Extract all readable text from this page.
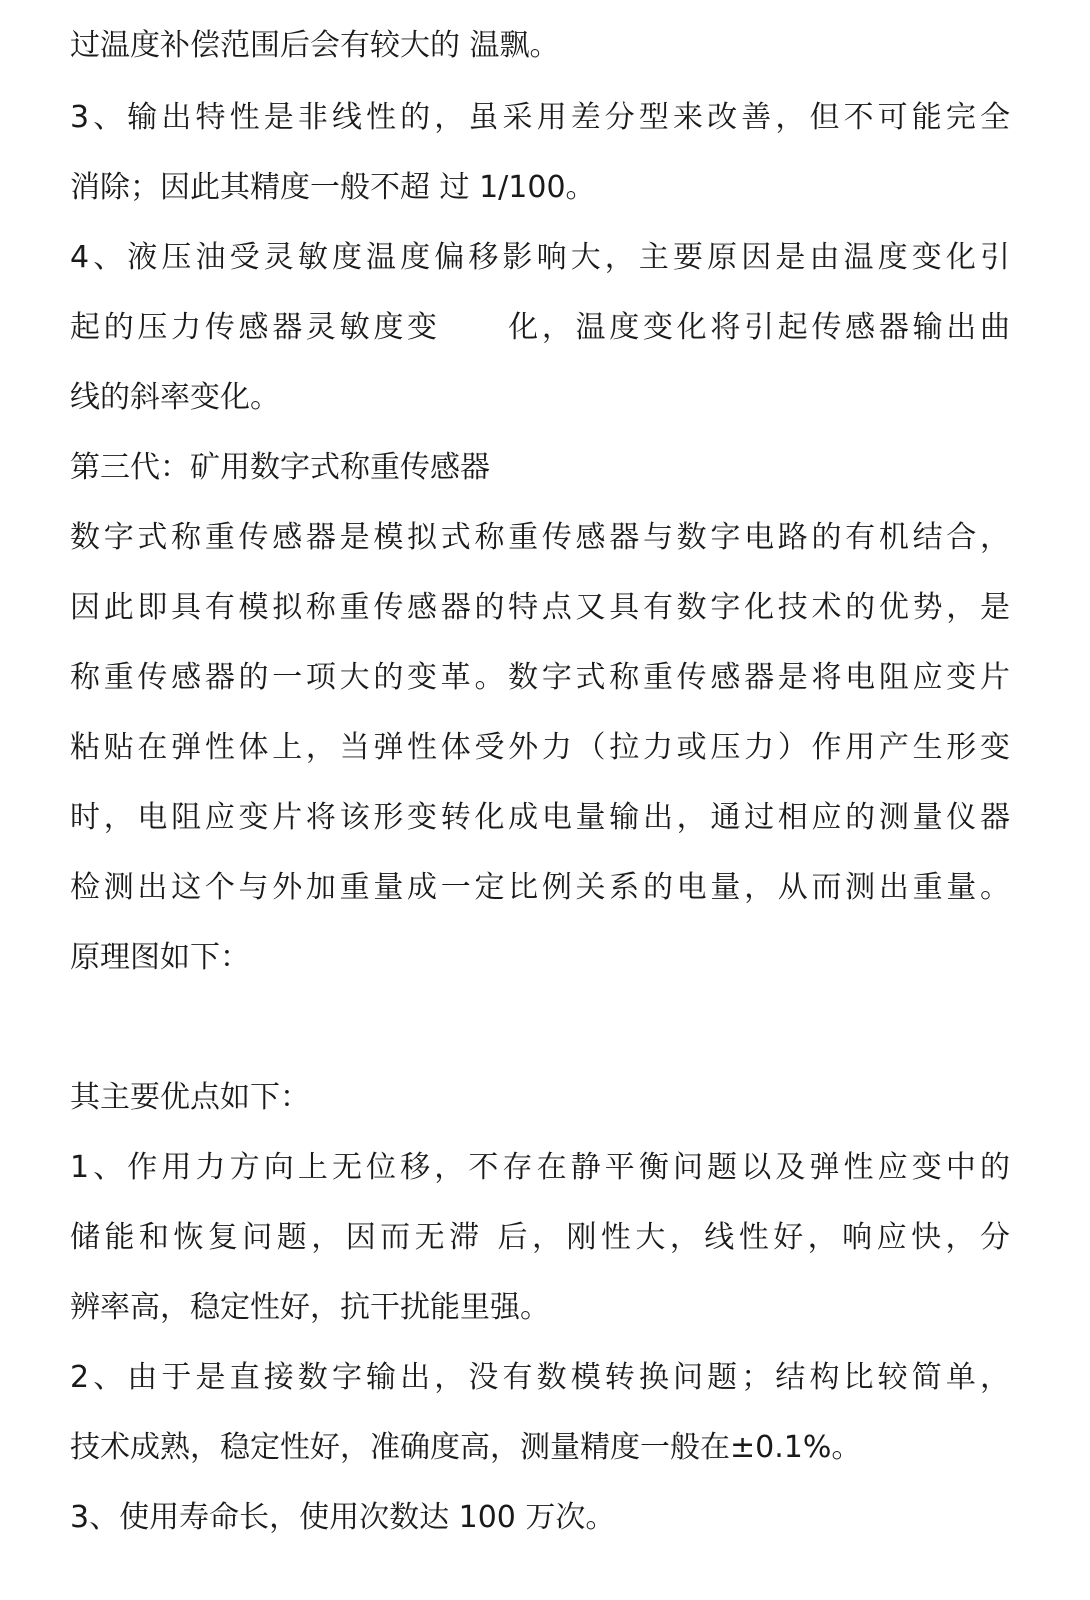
过温度补偿范围后会有较大的 温飘。
3、输出特性是非线性的，虽采用差分型来改善，但不可能完全
消除；因此其精度一般不超 过 1/100。
4、液压油受灵敏度温度偏移影响大，主要原因是由温度变化引
起的压力传感器灵敏度变　　化，温度变化将引起传感器输出曲
线的斜率变化。
第三代：矿用数字式称重传感器
数字式称重传感器是模拟式称重传感器与数字电路的有机结合，
因此即具有模拟称重传感器的特点又具有数字化技术的优势，是
称重传感器的一项大的变革。数字式称重传感器是将电阻应变片
粘贴在弹性体上，当弹性体受外力（拉力或压力）作用产生形变
时，电阻应变片将该形变转化成电量输出，通过相应的测量仪器
检测出这个与外加重量成一定比例关系的电量，从而测出重量。
原理图如下：
其主要优点如下：
1、作用力方向上无位移，不存在静平衡问题以及弹性应变中的
储能和恢复问题，因而无滞 后，刚性大，线性好，响应快，分
辨率高，稳定性好，抗干扰能里强。
2、由于是直接数字输出，没有数模转换问题；结构比较简单，
技术成熟，稳定性好，准确度高，测量精度一般在±0.1%。
3、使用寿命长，使用次数达 100 万次。
